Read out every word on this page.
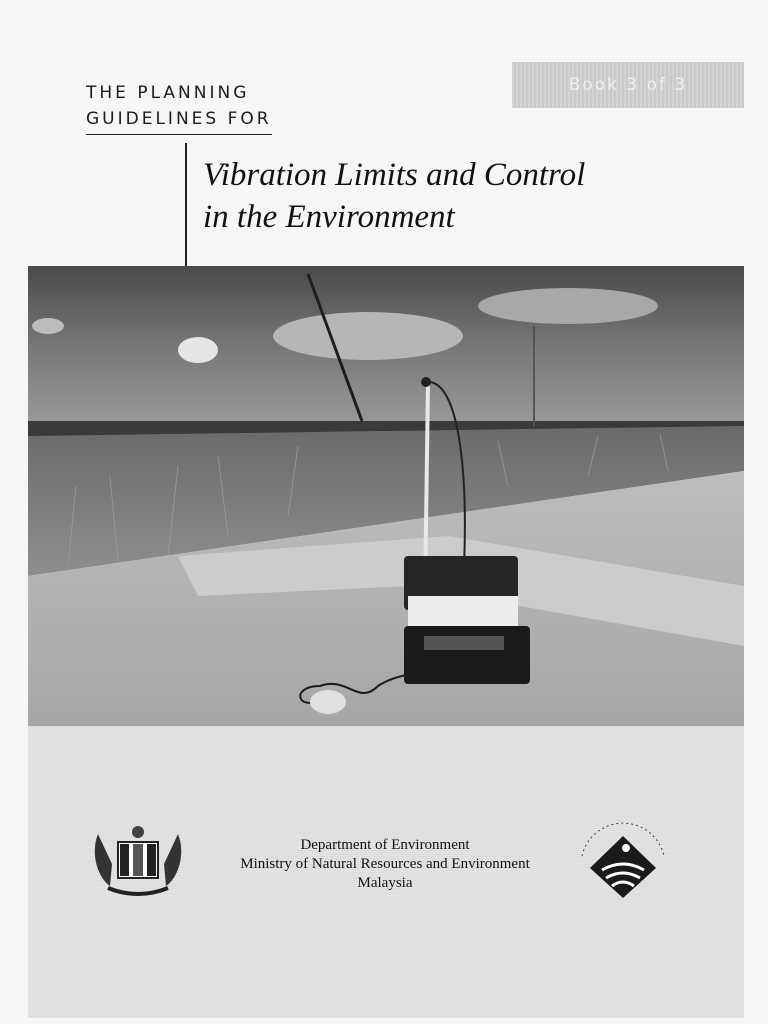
THE PLANNING
GUIDELINES FOR
Book 3 of 3
Vibration Limits and Control
in the Environment
Department of Environment
Ministry of Natural Resources and Environment
Malaysia
